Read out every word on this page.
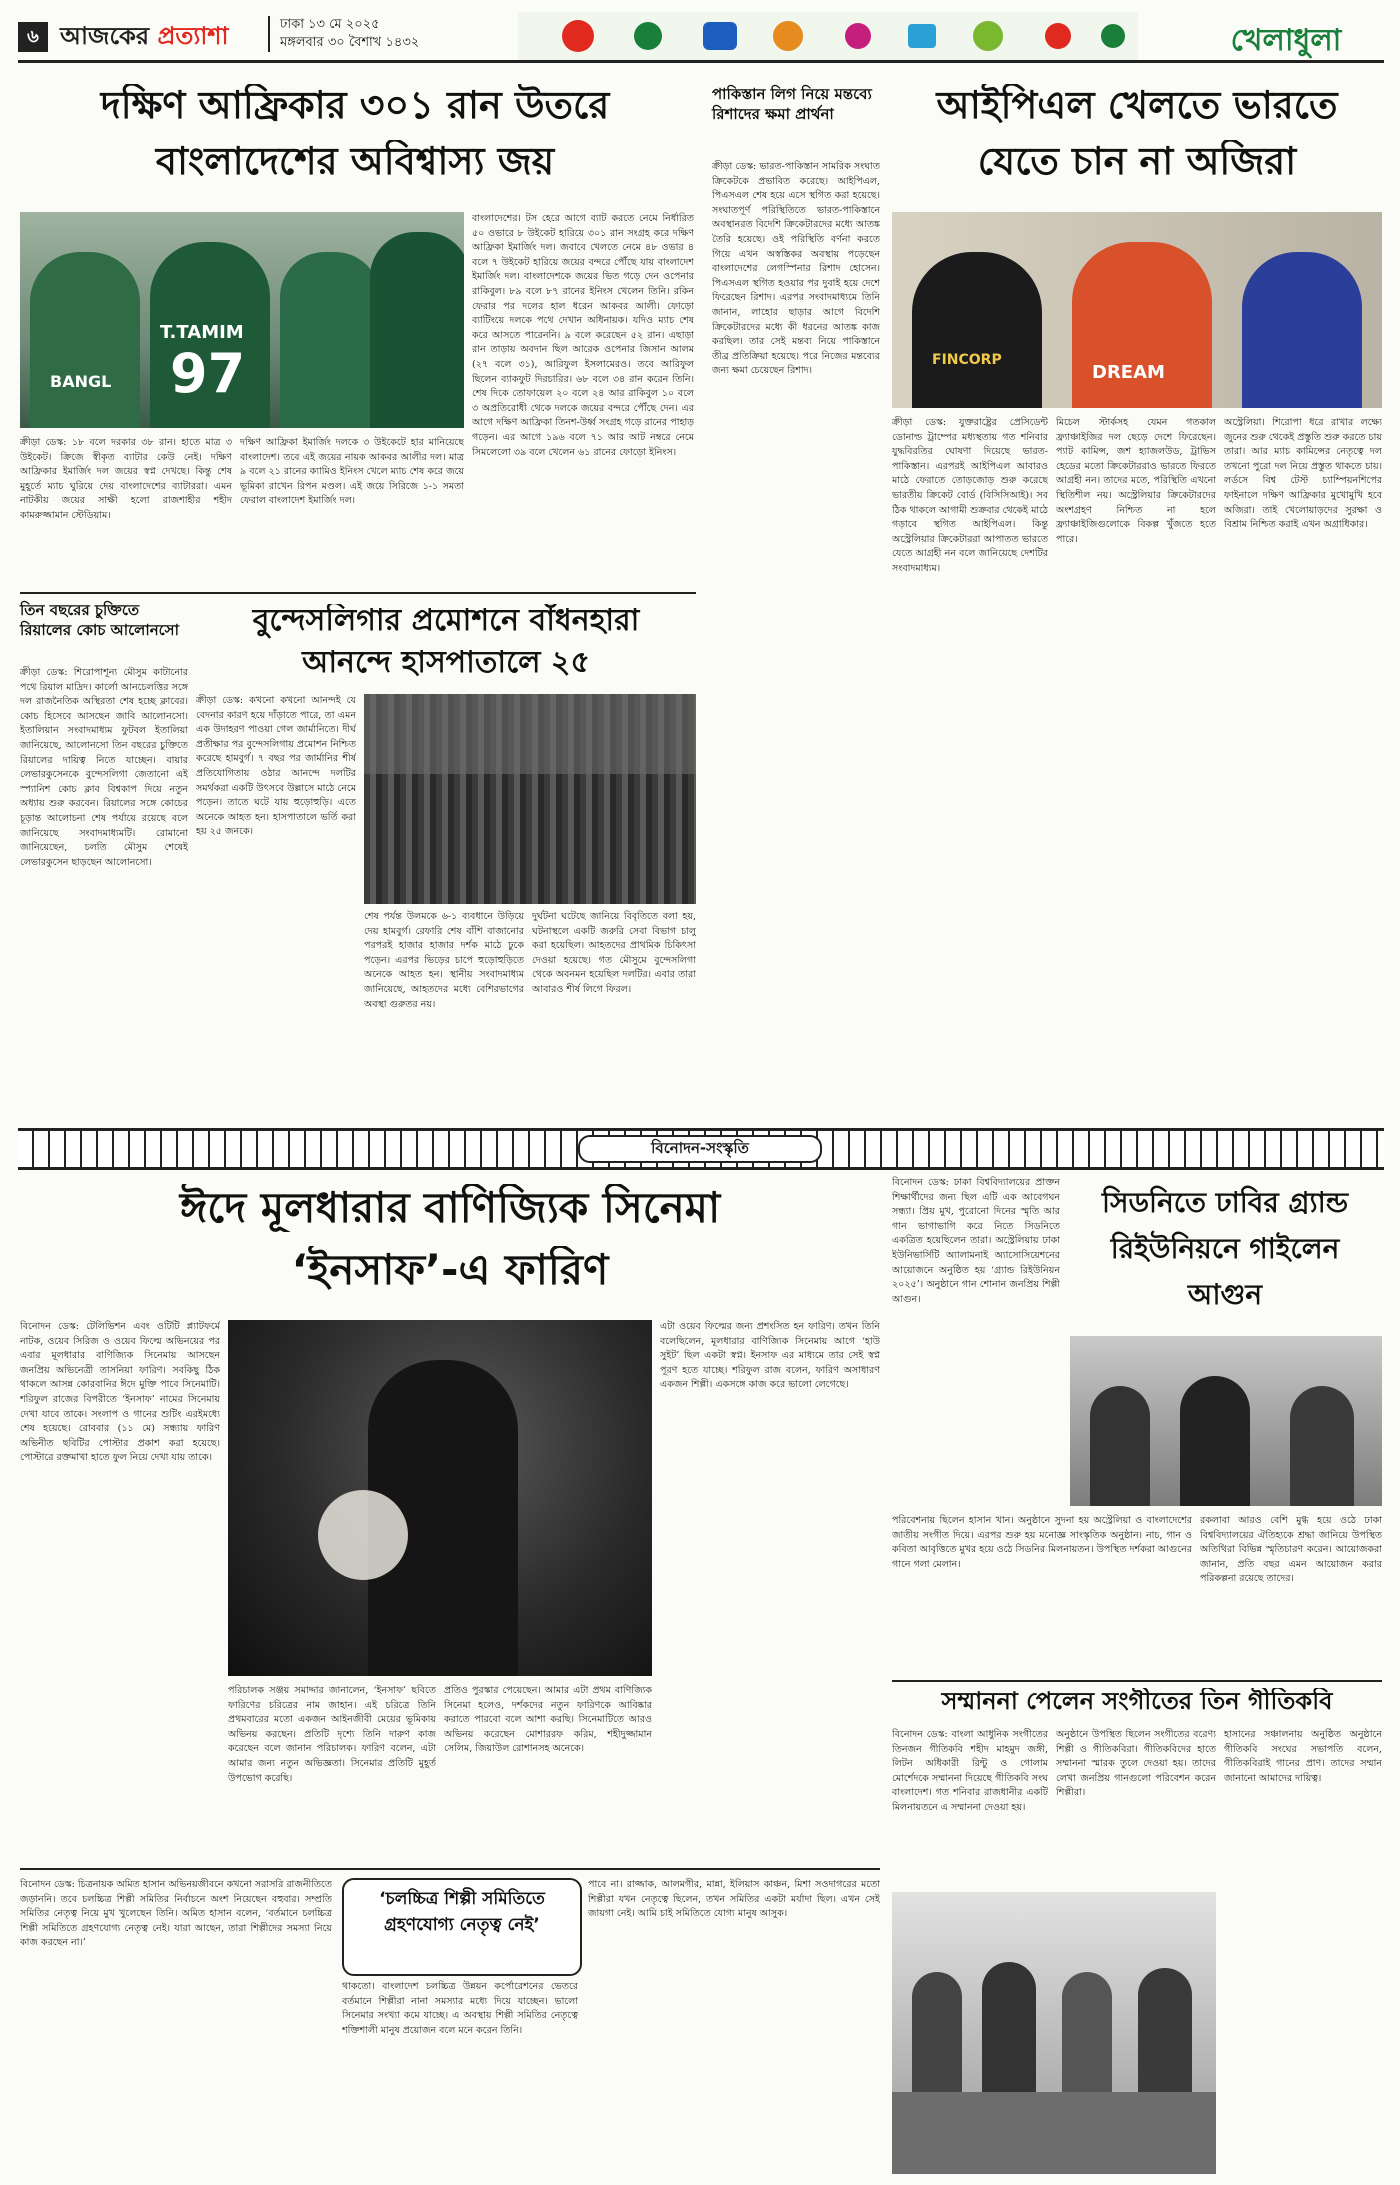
৬ আজকের প্রত্যাশা	ঢাকা ১৩ মে ২০২৫
মঙ্গলবার ৩০ বৈশাখ ১৪৩২	খেলাধুলা
দক্ষিণ আফ্রিকার ৩০১ রান উতরে
বাংলাদেশের অবিশ্বাস্য জয়
T.TAMIM
97
BANGL
বাংলাদেশের। টস হেরে আগে ব্যাট করতে নেমে নির্ধারিত ৫০ ওভারে ৮ উইকেট হারিয়ে ৩০১ রান সংগ্রহ করে দক্ষিণ আফ্রিকা ইমার্জিং দল। জবাবে খেলতে নেমে ৪৮ ওভার ৪ বলে ৭ উইকেট হারিয়ে জয়ের বন্দরে পৌঁছে যায় বাংলাদেশ ইমার্জিং দল। বাংলাদেশকে জয়ের ভিত গড়ে দেন ওপেনার রাকিবুল। ৮৯ বলে ৮৭ রানের ইনিংস খেলেন তিনি। রকিন ফেরার পর দলের হাল ধরেন আকবর আলী। ফোড়ো ব্যাটিংয়ে দলকে পথে দেখান অধিনায়ক। যদিও ম্যাচ শেষ করে আসতে পারেননি। ৯ বলে করেছেন ৫২ রান। এছাড়া রান তাড়ায় অবদান ছিল আরেক ওপেনার জিসান আলম (২৭ বলে ৩১), আরিফুল ইসলামেরও। তবে আরিফুল ছিলেন ব্যাকফুট দিরচারির। ৬৮ বলে ৩৪ রান করেন তিনি। শেষ দিকে তোফায়েল ২০ বলে ২৪ আর রাকিবুল ১০ বলে ৩ অপ্রতিরোধী থেকে দলকে জয়ের বন্দরে পৌঁছে দেন। এর আগে দক্ষিণ আফ্রিকা তিনশ-উর্ধ্ব সংগ্রহ গড়ে রানের পাহাড় গড়েন। এর আগে ১৯৬ বলে ৭১ আর আট নম্বরে নেমে সিমলেলো ৩৯ বলে খেলেন ৬১ রানের ফোড়ো ইনিংস।
ক্রীড়া ডেস্ক: ১৮ বলে দরকার ৩৮ রান। হাতে মাত্র ৩ উইকেট। ক্রিজে স্বীকৃত ব্যাটার কেউ নেই। দক্ষিণ আফ্রিকার ইমার্জিং দল জয়ের স্বপ্ন দেখছে। কিন্তু শেষ মুহূর্তে ম্যাচ ঘুরিয়ে দেয় বাংলাদেশের ব্যাটাররা। এমন নাটকীয় জয়ের সাক্ষী হলো রাজশাহীর শহীদ কামরুজ্জামান স্টেডিয়াম।
দক্ষিণ আফ্রিকা ইমার্জিং দলকে ৩ উইকেটে হার মানিয়েছে বাংলাদেশ। তবে এই জয়ের নায়ক আকবর আলীর দল। মাত্র ৯ বলে ২১ রানের ক্যামিও ইনিংস খেলে ম্যাচ শেষ করে জয়ে ভূমিকা রাখেন রিপন মণ্ডল। এই জয়ে সিরিজে ১-১ সমতা ফেরাল বাংলাদেশ ইমার্জিং দল।
তিন বছরের চুক্তিতে রিয়ালের কোচ আলোনসো
ক্রীড়া ডেস্ক: শিরোপাশূন্য মৌসুম কাটানোর পথে রিয়াল মাদ্রিদ। কার্লো আনচেলত্তির সঙ্গে দল রাজনৈতিক অস্থিরতা শেষ হচ্ছে ক্লাবের। কোচ হিসেবে আসছেন জাবি আলোনসো। ইতালিয়ান সংবাদমাধ্যম ফুটবল ইতালিয়া জানিয়েছে, আলোনসো তিন বছরের চুক্তিতে রিয়ালের দায়িত্ব নিতে যাচ্ছেন। বায়ার লেভারকুসেনকে বুন্দেসলিগা জেতানো এই স্প্যানিশ কোচ ক্লাব বিশ্বকাপ দিয়ে নতুন অধ্যায় শুরু করবেন। রিয়ালের সঙ্গে কোচের চূড়ান্ত আলোচনা শেষ পর্যায়ে রয়েছে বলে জানিয়েছে সংবাদমাধ্যমটি। রোমানো জানিয়েছেন, চলতি মৌসুম শেষেই লেভারকুসেন ছাড়ছেন আলোনসো।
বুন্দেসলিগার প্রমোশনে বাঁধনহারা
আনন্দে হাসপাতালে ২৫
ক্রীড়া ডেস্ক: কখনো কখনো আনন্দই যে বেদনার কারণ হয়ে দাঁড়াতে পারে, তা এমন এক উদাহরণ পাওয়া গেল জার্মানিতে। দীর্ঘ প্রতীক্ষার পর বুন্দেসলিগায় প্রমোশন নিশ্চিত করেছে হামবুর্গ। ৭ বছর পর জার্মানির শীর্ষ প্রতিযোগিতায় ওঠার আনন্দে দলটির সমর্থকরা একটি উৎসবে উল্লাসে মাঠে নেমে পড়েন। তাতে ঘটে যায় হুড়োহুড়ি। এতে অনেকে আহত হন। হাসপাতালে ভর্তি করা হয় ২৫ জনকে।
শেষ পর্যন্ত উলমকে ৬-১ ব্যবধানে উড়িয়ে দেয় হামবুর্গ। রেফারি শেষ বাঁশি বাজানোর পরপরই হাজার হাজার দর্শক মাঠে ঢুকে পড়েন। এরপর ভিড়ের চাপে হুড়োহুড়িতে অনেকে আহত হন। স্থানীয় সংবাদমাধ্যম জানিয়েছে, আহতদের মধ্যে বেশিরভাগের অবস্থা গুরুতর নয়।
দুর্ঘটনা ঘটেছে জানিয়ে বিবৃতিতে বলা হয়, ঘটনাস্থলে একটি জরুরি সেবা বিভাগ চালু করা হয়েছিল। আহতদের প্রাথমিক চিকিৎসা দেওয়া হয়েছে। গত মৌসুমে বুন্দেসলিগা থেকে অবনমন হয়েছিল দলটির। এবার তারা আবারও শীর্ষ লিগে ফিরল।
পাকিস্তান লিগ নিয়ে মন্তব্যে রিশাদের ক্ষমা প্রার্থনা
ক্রীড়া ডেস্ক: ভারত-পাকিস্তান সামরিক সংঘাত ক্রিকেটকে প্রভাবিত করেছে। আইপিএল, পিএসএল শেষ হয়ে এসে স্থগিত করা হয়েছে। সংঘাতপূর্ণ পরিস্থিতিতে ভারত-পাকিস্তানে অবস্থানরত বিদেশি ক্রিকেটারদের মধ্যে আতঙ্ক তৈরি হয়েছে। ওই পরিস্থিতি বর্ণনা করতে গিয়ে এখন অস্বস্তিকর অবস্থায় পড়েছেন বাংলাদেশের লেগস্পিনার রিশাদ হোসেন। পিএসএল স্থগিত হওয়ার পর দুবাই হয়ে দেশে ফিরেছেন রিশাদ। এরপর সংবাদমাধ্যমে তিনি জানান, লাহোর ছাড়ার আগে বিদেশি ক্রিকেটারদের মধ্যে কী ধরনের আতঙ্ক কাজ করছিল। তার সেই মন্তব্য নিয়ে পাকিস্তানে তীব্র প্রতিক্রিয়া হয়েছে। পরে নিজের মন্তব্যের জন্য ক্ষমা চেয়েছেন রিশাদ।
আইপিএল খেলতে ভারতে
যেতে চান না অজিরা
FINCORP
DREAM
ক্রীড়া ডেস্ক: যুক্তরাষ্ট্রের প্রেসিডেন্ট ডোনাল্ড ট্রাম্পের মধ্যস্থতায় গত শনিবার যুদ্ধবিরতির ঘোষণা দিয়েছে ভারত-পাকিস্তান। এরপরই আইপিএল আবারও মাঠে ফেরাতে তোড়জোড় শুরু করেছে ভারতীয় ক্রিকেট বোর্ড (বিসিসিআই)। সব ঠিক থাকলে আগামী শুক্রবার থেকেই মাঠে গড়াবে স্থগিত আইপিএল। কিন্তু অস্ট্রেলিয়ার ক্রিকেটাররা আপাতত ভারতে যেতে আগ্রহী নন বলে জানিয়েছে দেশটির সংবাদমাধ্যম।
মিচেল স্টার্কসহ যেমন গতকাল ফ্র্যাঞ্চাইজির দল ছেড়ে দেশে ফিরেছেন। প্যাট কামিন্স, জশ হ্যাজলউড, ট্রাভিস হেডের মতো ক্রিকেটাররাও ভারতে ফিরতে আগ্রহী নন। তাদের মতে, পরিস্থিতি এখনো স্থিতিশীল নয়। অস্ট্রেলিয়ার ক্রিকেটারদের অংশগ্রহণ নিশ্চিত না হলে ফ্র্যাঞ্চাইজিগুলোকে বিকল্প খুঁজতে হতে পারে।
অস্ট্রেলিয়া। শিরোপা ধরে রাখার লক্ষ্যে জুনের শুরু থেকেই প্রস্তুতি শুরু করতে চায় তারা। আর ম্যাচ কামিন্সের নেতৃত্বে দল তখনো পুরো দল নিয়ে প্রস্তুত থাকতে চায়। লর্ডসে বিশ্ব টেস্ট চ্যাম্পিয়নশিপের ফাইনালে দক্ষিণ আফ্রিকার মুখোমুখি হবে অজিরা। তাই খেলোয়াড়দের সুরক্ষা ও বিশ্রাম নিশ্চিত করাই এখন অগ্রাধিকার।
বিনোদন-সংস্কৃতি
ঈদে মূলধারার বাণিজ্যিক সিনেমা
‘ইনসাফ’-এ ফারিণ
বিনোদন ডেস্ক: টেলিভিশন এবং ওটিটি প্ল্যাটফর্মে নাটক, ওয়েব সিরিজ ও ওয়েব ফিল্মে অভিনয়ের পর এবার মূলধারার বাণিজ্যিক সিনেমায় আসছেন জনপ্রিয় অভিনেত্রী তাসনিয়া ফারিণ। সবকিছু ঠিক থাকলে আসন্ন কোরবানির ঈদে মুক্তি পাবে সিনেমাটি। শরিফুল রাজের বিপরীতে ‘ইনসাফ’ নামের সিনেমায় দেখা যাবে তাকে। সংলাপ ও গানের শুটিং এরইমধ্যে শেষ হয়েছে। রোববার (১১ মে) সন্ধ্যায় ফারিণ অভিনীত ছবিটির পোস্টার প্রকাশ করা হয়েছে। পোস্টারে রক্তমাখা হাতে ফুল নিয়ে দেখা যায় তাকে।
পরিচালক সঞ্জয় সমাদ্দার জানালেন, ‘ইনসাফ’ ছবিতে ফারিণের চরিত্রের নাম জাহান। এই চরিত্রে তিনি প্রথমবারের মতো একজন আইনজীবী মেয়ের ভূমিকায় অভিনয় করছেন। প্রতিটি দৃশ্যে তিনি দারুণ কাজ করেছেন বলে জানান পরিচালক। ফারিণ বলেন, এটা আমার জন্য নতুন অভিজ্ঞতা। সিনেমার প্রতিটি মুহূর্ত উপভোগ করেছি।
প্রতিও পুরস্কার পেয়েছেন। আমার এটা প্রথম বাণিজ্যিক সিনেমা হলেও, দর্শকদের নতুন ফারিণকে আবিষ্কার করাতে পারবো বলে আশা করছি। সিনেমাটিতে আরও অভিনয় করেছেন মোশাররফ করিম, শহীদুজ্জামান সেলিম, জিয়াউল রোশানসহ অনেকে।
এটা ওয়েব ফিল্মের জন্য প্রশংসিত হন ফারিণ। তখন তিনি বলেছিলেন, মূলধারার বাণিজ্যিক সিনেমায় আগে ‘হাউ সুইট’ ছিল একটা স্বপ্ন। ইনসাফ এর মাধ্যমে তার সেই স্বপ্ন পূরণ হতে যাচ্ছে। শরিফুল রাজ বলেন, ফারিণ অসাধারণ একজন শিল্পী। একসঙ্গে কাজ করে ভালো লেগেছে।
বিনোদন ডেস্ক: চিত্রনায়ক অমিত হাসান অভিনয়জীবনে কখনো সরাসরি রাজনীতিতে জড়াননি। তবে চলচ্চিত্র শিল্পী সমিতির নির্বাচনে অংশ নিয়েছেন বহুবার। সম্প্রতি সমিতির নেতৃত্ব নিয়ে মুখ খুলেছেন তিনি। অমিত হাসান বলেন, ‘বর্তমানে চলচ্চিত্র শিল্পী সমিতিতে গ্রহণযোগ্য নেতৃত্ব নেই। যারা আছেন, তারা শিল্পীদের সমস্যা নিয়ে কাজ করছেন না।’
‘চলচ্চিত্র শিল্পী সমিতিতে গ্রহণযোগ্য নেতৃত্ব নেই’
থাকতো। বাংলাদেশ চলচ্চিত্র উন্নয়ন কর্পোরেশনের ভেতরে বর্তমানে শিল্পীরা নানা সমস্যার মধ্যে দিয়ে যাচ্ছেন। ভালো সিনেমার সংখ্যা কমে যাচ্ছে। এ অবস্থায় শিল্পী সমিতির নেতৃত্বে শক্তিশালী মানুষ প্রয়োজন বলে মনে করেন তিনি।
পাবে না। রাজ্জাক, আলমগীর, মান্না, ইলিয়াস কাঞ্চন, মিশা সওদাগরের মতো শিল্পীরা যখন নেতৃত্বে ছিলেন, তখন সমিতির একটা মর্যাদা ছিল। এখন সেই জায়গা নেই। আমি চাই সমিতিতে যোগ্য মানুষ আসুক।
বিনোদন ডেস্ক: ঢাকা বিশ্ববিদ্যালয়ের প্রাক্তন শিক্ষার্থীদের জন্য ছিল এটি এক আবেগঘন সন্ধ্যা। প্রিয় মুখ, পুরোনো দিনের স্মৃতি আর গান ভাগাভাগি করে নিতে সিডনিতে একত্রিত হয়েছিলেন তারা। অস্ট্রেলিয়ায় ঢাকা ইউনিভার্সিটি অ্যালামনাই অ্যাসোসিয়েশনের আয়োজনে অনুষ্ঠিত হয় ‘গ্র্যান্ড রিইউনিয়ন ২০২৫’। অনুষ্ঠানে গান শোনান জনপ্রিয় শিল্পী আগুন।
সিডনিতে ঢাবির গ্র্যান্ড রিইউনিয়নে গাইলেন আগুন
পরিবেশনায় ছিলেন হাসান খান। অনুষ্ঠানে সুদনা হয় অস্ট্রেলিয়া ও বাংলাদেশের জাতীয় সংগীত দিয়ে। এরপর শুরু হয় মনোজ্ঞ সাংস্কৃতিক অনুষ্ঠান। নাচ, গান ও কবিতা আবৃত্তিতে মুখর হয়ে ওঠে সিডনির মিলনায়তন। উপস্থিত দর্শকরা আগুনের গানে গলা মেলান।
রকলাবা আরও বেশি মুগ্ধ হয়ে ওঠে ঢাকা বিশ্ববিদ্যালয়ের ঐতিহ্যকে শ্রদ্ধা জানিয়ে উপস্থিত অতিথিরা বিভিন্ন স্মৃতিচারণ করেন। আয়োজকরা জানান, প্রতি বছর এমন আয়োজন করার পরিকল্পনা রয়েছে তাদের।
সম্মাননা পেলেন সংগীতের তিন গীতিকবি
বিনোদন ডেস্ক: বাংলা আধুনিক সংগীতের তিনজন গীতিকবি শহীদ মাহমুদ জঙ্গী, লিটন অধিকারী রিন্টু ও গোলাম মোর্শেদকে সম্মাননা দিয়েছে গীতিকবি সংঘ বাংলাদেশ। গত শনিবার রাজধানীর একটি মিলনায়তনে এ সম্মাননা দেওয়া হয়।
অনুষ্ঠানে উপস্থিত ছিলেন সংগীতের বরেণ্য শিল্পী ও গীতিকবিরা। গীতিকবিদের হাতে সম্মাননা স্মারক তুলে দেওয়া হয়। তাদের লেখা জনপ্রিয় গানগুলো পরিবেশন করেন শিল্পীরা।
হাসানের সঞ্চালনায় অনুষ্ঠিত অনুষ্ঠানে গীতিকবি সংঘের সভাপতি বলেন, গীতিকবিরাই গানের প্রাণ। তাদের সম্মান জানানো আমাদের দায়িত্ব।
